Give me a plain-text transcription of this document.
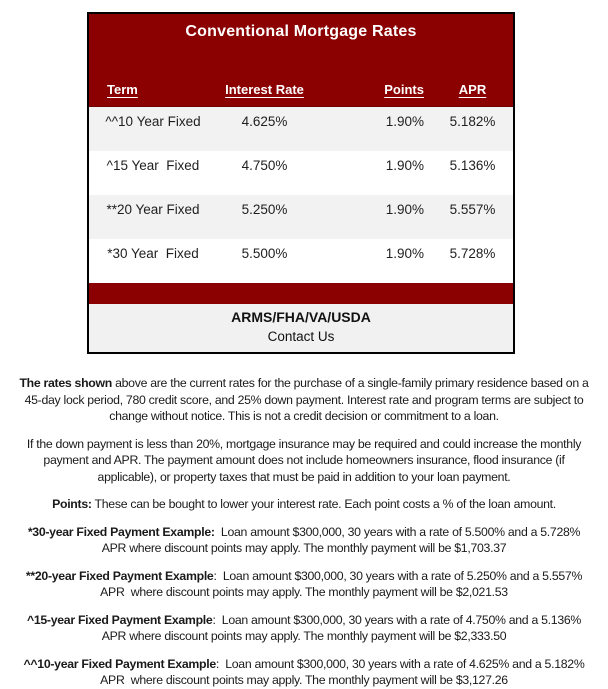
Conventional Mortgage Rates
Term	Interest Rate	Points	APR
^^10 Year Fixed	4.625%	1.90%	5.182%
^15 Year  Fixed	4.750%	1.90%	5.136%
**20 Year Fixed	5.250%	1.90%	5.557%
*30 Year  Fixed	5.500%	1.90%	5.728%
ARMS/FHA/VA/USDA
Contact Us

The rates shown above are the current rates for the purchase of a single-family primary residence based on a 45-day lock period, 780 credit score, and 25% down payment. Interest rate and program terms are subject to change without notice. This is not a credit decision or commitment to a loan.

If the down payment is less than 20%, mortgage insurance may be required and could increase the monthly payment and APR. The payment amount does not include homeowners insurance, flood insurance (if applicable), or property taxes that must be paid in addition to your loan payment.

Points: These can be bought to lower your interest rate. Each point costs a % of the loan amount.

*30-year Fixed Payment Example:  Loan amount $300,000, 30 years with a rate of 5.500% and a 5.728% APR where discount points may apply. The monthly payment will be $1,703.37

**20-year Fixed Payment Example:  Loan amount $300,000, 30 years with a rate of 5.250% and a 5.557% APR  where discount points may apply. The monthly payment will be $2,021.53

^15-year Fixed Payment Example:  Loan amount $300,000, 30 years with a rate of 4.750% and a 5.136% APR where discount points may apply. The monthly payment will be $2,333.50

^^10-year Fixed Payment Example:  Loan amount $300,000, 30 years with a rate of 4.625% and a 5.182% APR  where discount points may apply. The monthly payment will be $3,127.26
